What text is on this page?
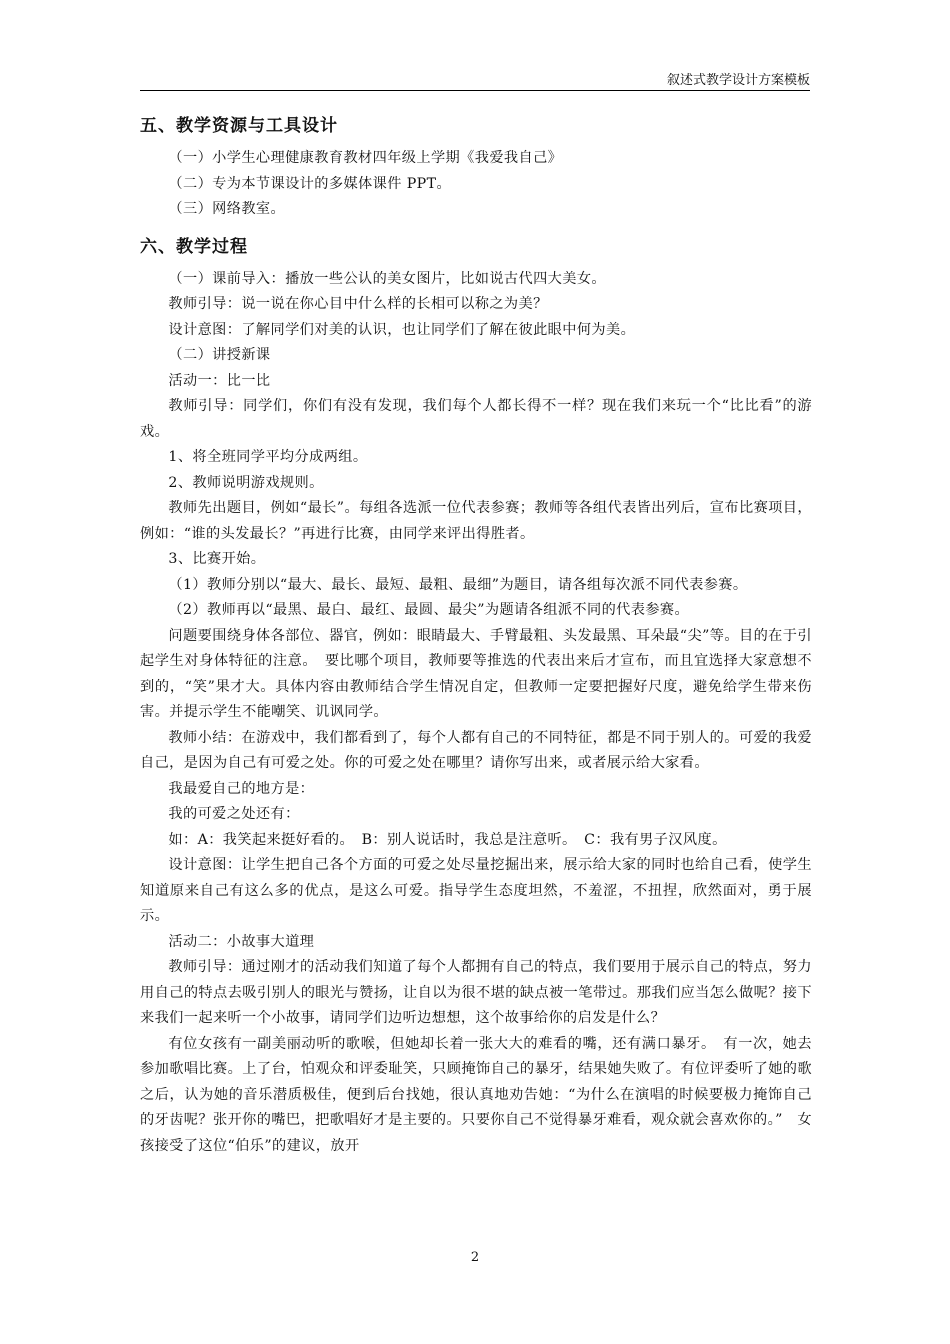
叙述式教学设计方案模板

五、教学资源与工具设计

（一）小学生心理健康教育教材四年级上学期《我爱我自己》

（二）专为本节课设计的多媒体课件 PPT。

（三）网络教室。

六、教学过程

（一）课前导入：播放一些公认的美女图片，比如说古代四大美女。

教师引导：说一说在你心目中什么样的长相可以称之为美？

设计意图：了解同学们对美的认识，也让同学们了解在彼此眼中何为美。

（二）讲授新课

活动一：比一比

教师引导：同学们，你们有没有发现，我们每个人都长得不一样？现在我们来玩一个“比比看”的游戏。

1、将全班同学平均分成两组。

2、教师说明游戏规则。

教师先出题目，例如“最长”。每组各选派一位代表参赛；教师等各组代表皆出列后，宣布比赛项目，例如：“谁的头发最长？”再进行比赛，由同学来评出得胜者。

3、比赛开始。

（1）教师分别以“最大、最长、最短、最粗、最细”为题目，请各组每次派不同代表参赛。

（2）教师再以“最黑、最白、最红、最圆、最尖”为题请各组派不同的代表参赛。

问题要围绕身体各部位、器官，例如：眼睛最大、手臂最粗、头发最黑、耳朵最“尖”等。目的在于引起学生对身体特征的注意。　要比哪个项目，教师要等推选的代表出来后才宣布，而且宜选择大家意想不到的，“笑”果才大。具体内容由教师结合学生情况自定，但教师一定要把握好尺度，避免给学生带来伤害。并提示学生不能嘲笑、讥讽同学。

教师小结：在游戏中，我们都看到了，每个人都有自己的不同特征，都是不同于别人的。可爱的我爱自己，是因为自己有可爱之处。你的可爱之处在哪里？请你写出来，或者展示给大家看。

我最爱自己的地方是：

我的可爱之处还有：

如：A：我笑起来挺好看的。　B：别人说话时，我总是注意听。　C：我有男子汉风度。

设计意图：让学生把自己各个方面的可爱之处尽量挖掘出来，展示给大家的同时也给自己看，使学生知道原来自己有这么多的优点，是这么可爱。指导学生态度坦然，不羞涩，不扭捏，欣然面对，勇于展示。

活动二：小故事大道理

教师引导：通过刚才的活动我们知道了每个人都拥有自己的特点，我们要用于展示自己的特点，努力用自己的特点去吸引别人的眼光与赞扬，让自以为很不堪的缺点被一笔带过。那我们应当怎么做呢？接下来我们一起来听一个小故事，请同学们边听边想想，这个故事给你的启发是什么？

有位女孩有一副美丽动听的歌喉，但她却长着一张大大的难看的嘴，还有满口暴牙。　有一次，她去参加歌唱比赛。上了台，怕观众和评委耻笑，只顾掩饰自己的暴牙，结果她失败了。有位评委听了她的歌之后，认为她的音乐潜质极佳，便到后台找她，很认真地劝告她：“为什么在演唱的时候要极力掩饰自己的牙齿呢？张开你的嘴巴，把歌唱好才是主要的。只要你自己不觉得暴牙难看，观众就会喜欢你的。”　女孩接受了这位“伯乐”的建议，放开

2
